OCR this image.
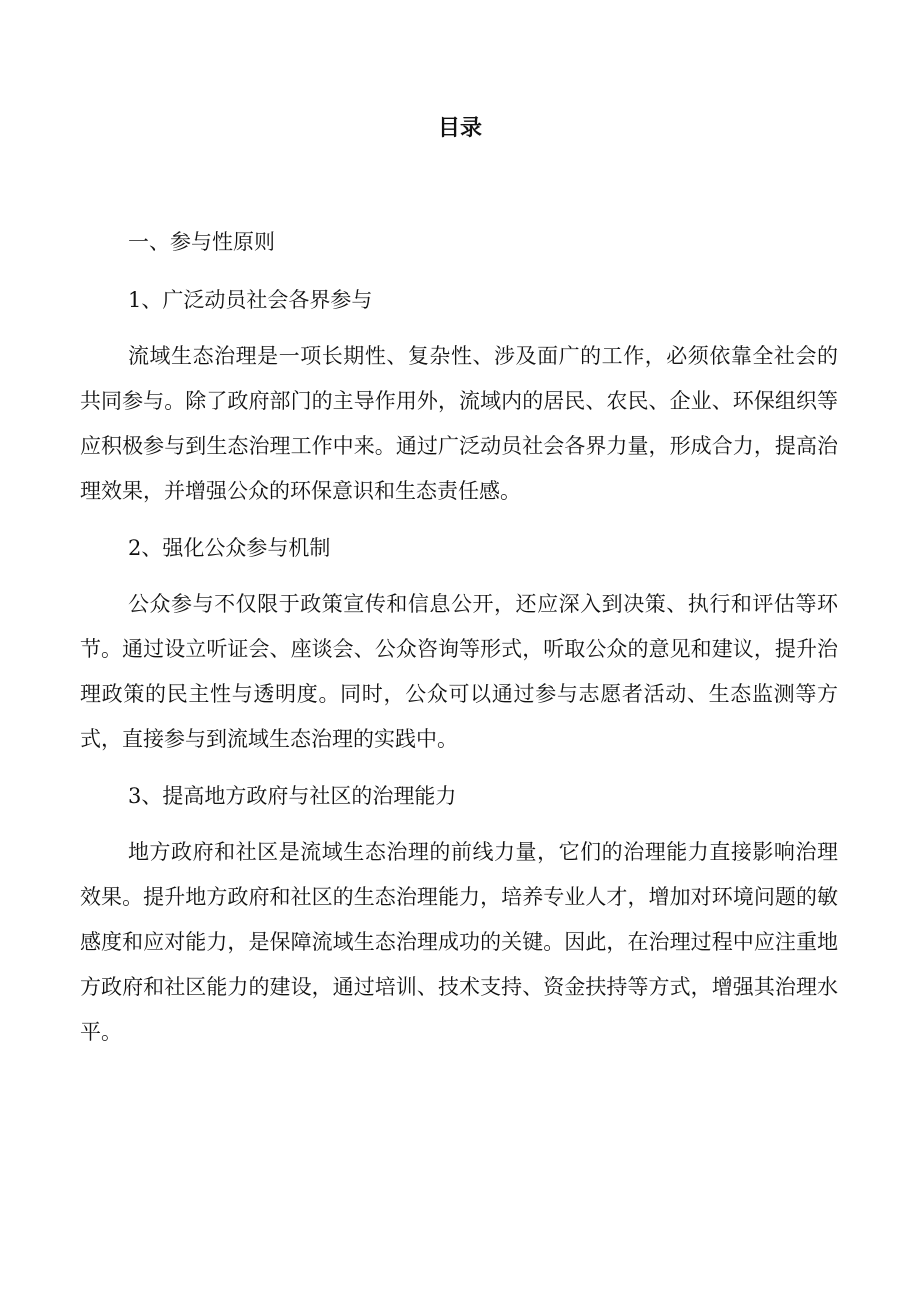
目录
一、参与性原则
1、广泛动员社会各界参与
流域生态治理是一项长期性、复杂性、涉及面广的工作，必须依靠全社会的共同参与。除了政府部门的主导作用外，流域内的居民、农民、企业、环保组织等应积极参与到生态治理工作中来。通过广泛动员社会各界力量，形成合力，提高治理效果，并增强公众的环保意识和生态责任感。
2、强化公众参与机制
公众参与不仅限于政策宣传和信息公开，还应深入到决策、执行和评估等环节。通过设立听证会、座谈会、公众咨询等形式，听取公众的意见和建议，提升治理政策的民主性与透明度。同时，公众可以通过参与志愿者活动、生态监测等方式，直接参与到流域生态治理的实践中。
3、提高地方政府与社区的治理能力
地方政府和社区是流域生态治理的前线力量，它们的治理能力直接影响治理效果。提升地方政府和社区的生态治理能力，培养专业人才，增加对环境问题的敏感度和应对能力，是保障流域生态治理成功的关键。因此，在治理过程中应注重地方政府和社区能力的建设，通过培训、技术支持、资金扶持等方式，增强其治理水平。
